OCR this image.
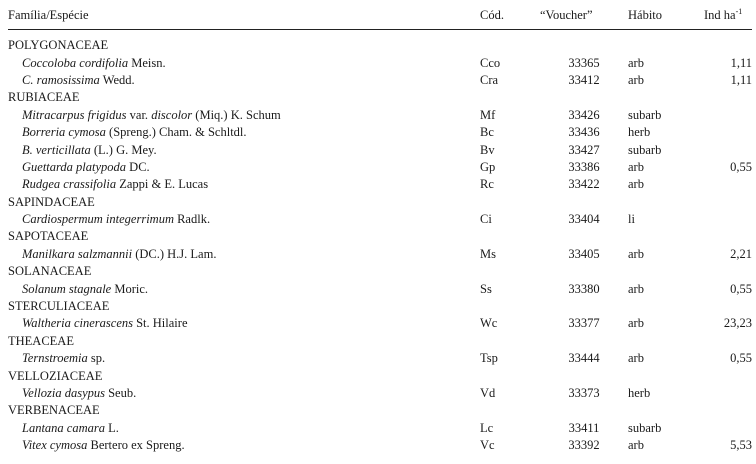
Família/Espécie	Cód.	“Voucher”	Hábito	Ind $ha^{-1}$

POLYGONACEAE				
Coccoloba cordifolia Meisn.	Cco	33365	arb	1,11
C. ramosissima Wedd.	Cra	33412	arb	1,11
RUBIACEAE				
Mitracarpus frigidus var. discolor (Miq.) K. Schum	Mf	33426	subarb	
Borreria cymosa (Spreng.) Cham. & Schltdl.	Bc	33436	herb	
B. verticillata (L.) G. Mey.	Bv	33427	subarb	
Guettarda platypoda DC.	Gp	33386	arb	0,55
Rudgea crassifolia Zappi & E. Lucas	Rc	33422	arb	
SAPINDACEAE				
Cardiospermum integerrimum Radlk.	Ci	33404	li	
SAPOTACEAE				
Manilkara salzmannii (DC.) H.J. Lam.	Ms	33405	arb	2,21
SOLANACEAE				
Solanum stagnale Moric.	Ss	33380	arb	0,55
STERCULIACEAE				
Waltheria cinerascens St. Hilaire	Wc	33377	arb	23,23
THEACEAE				
Ternstroemia sp.	Tsp	33444	arb	0,55
VELLOZIACEAE				
Vellozia dasypus Seub.	Vd	33373	herb	
VERBENACEAE				
Lantana camara L.	Lc	33411	subarb	
Vitex cymosa Bertero ex Spreng.	Vc	33392	arb	5,53
